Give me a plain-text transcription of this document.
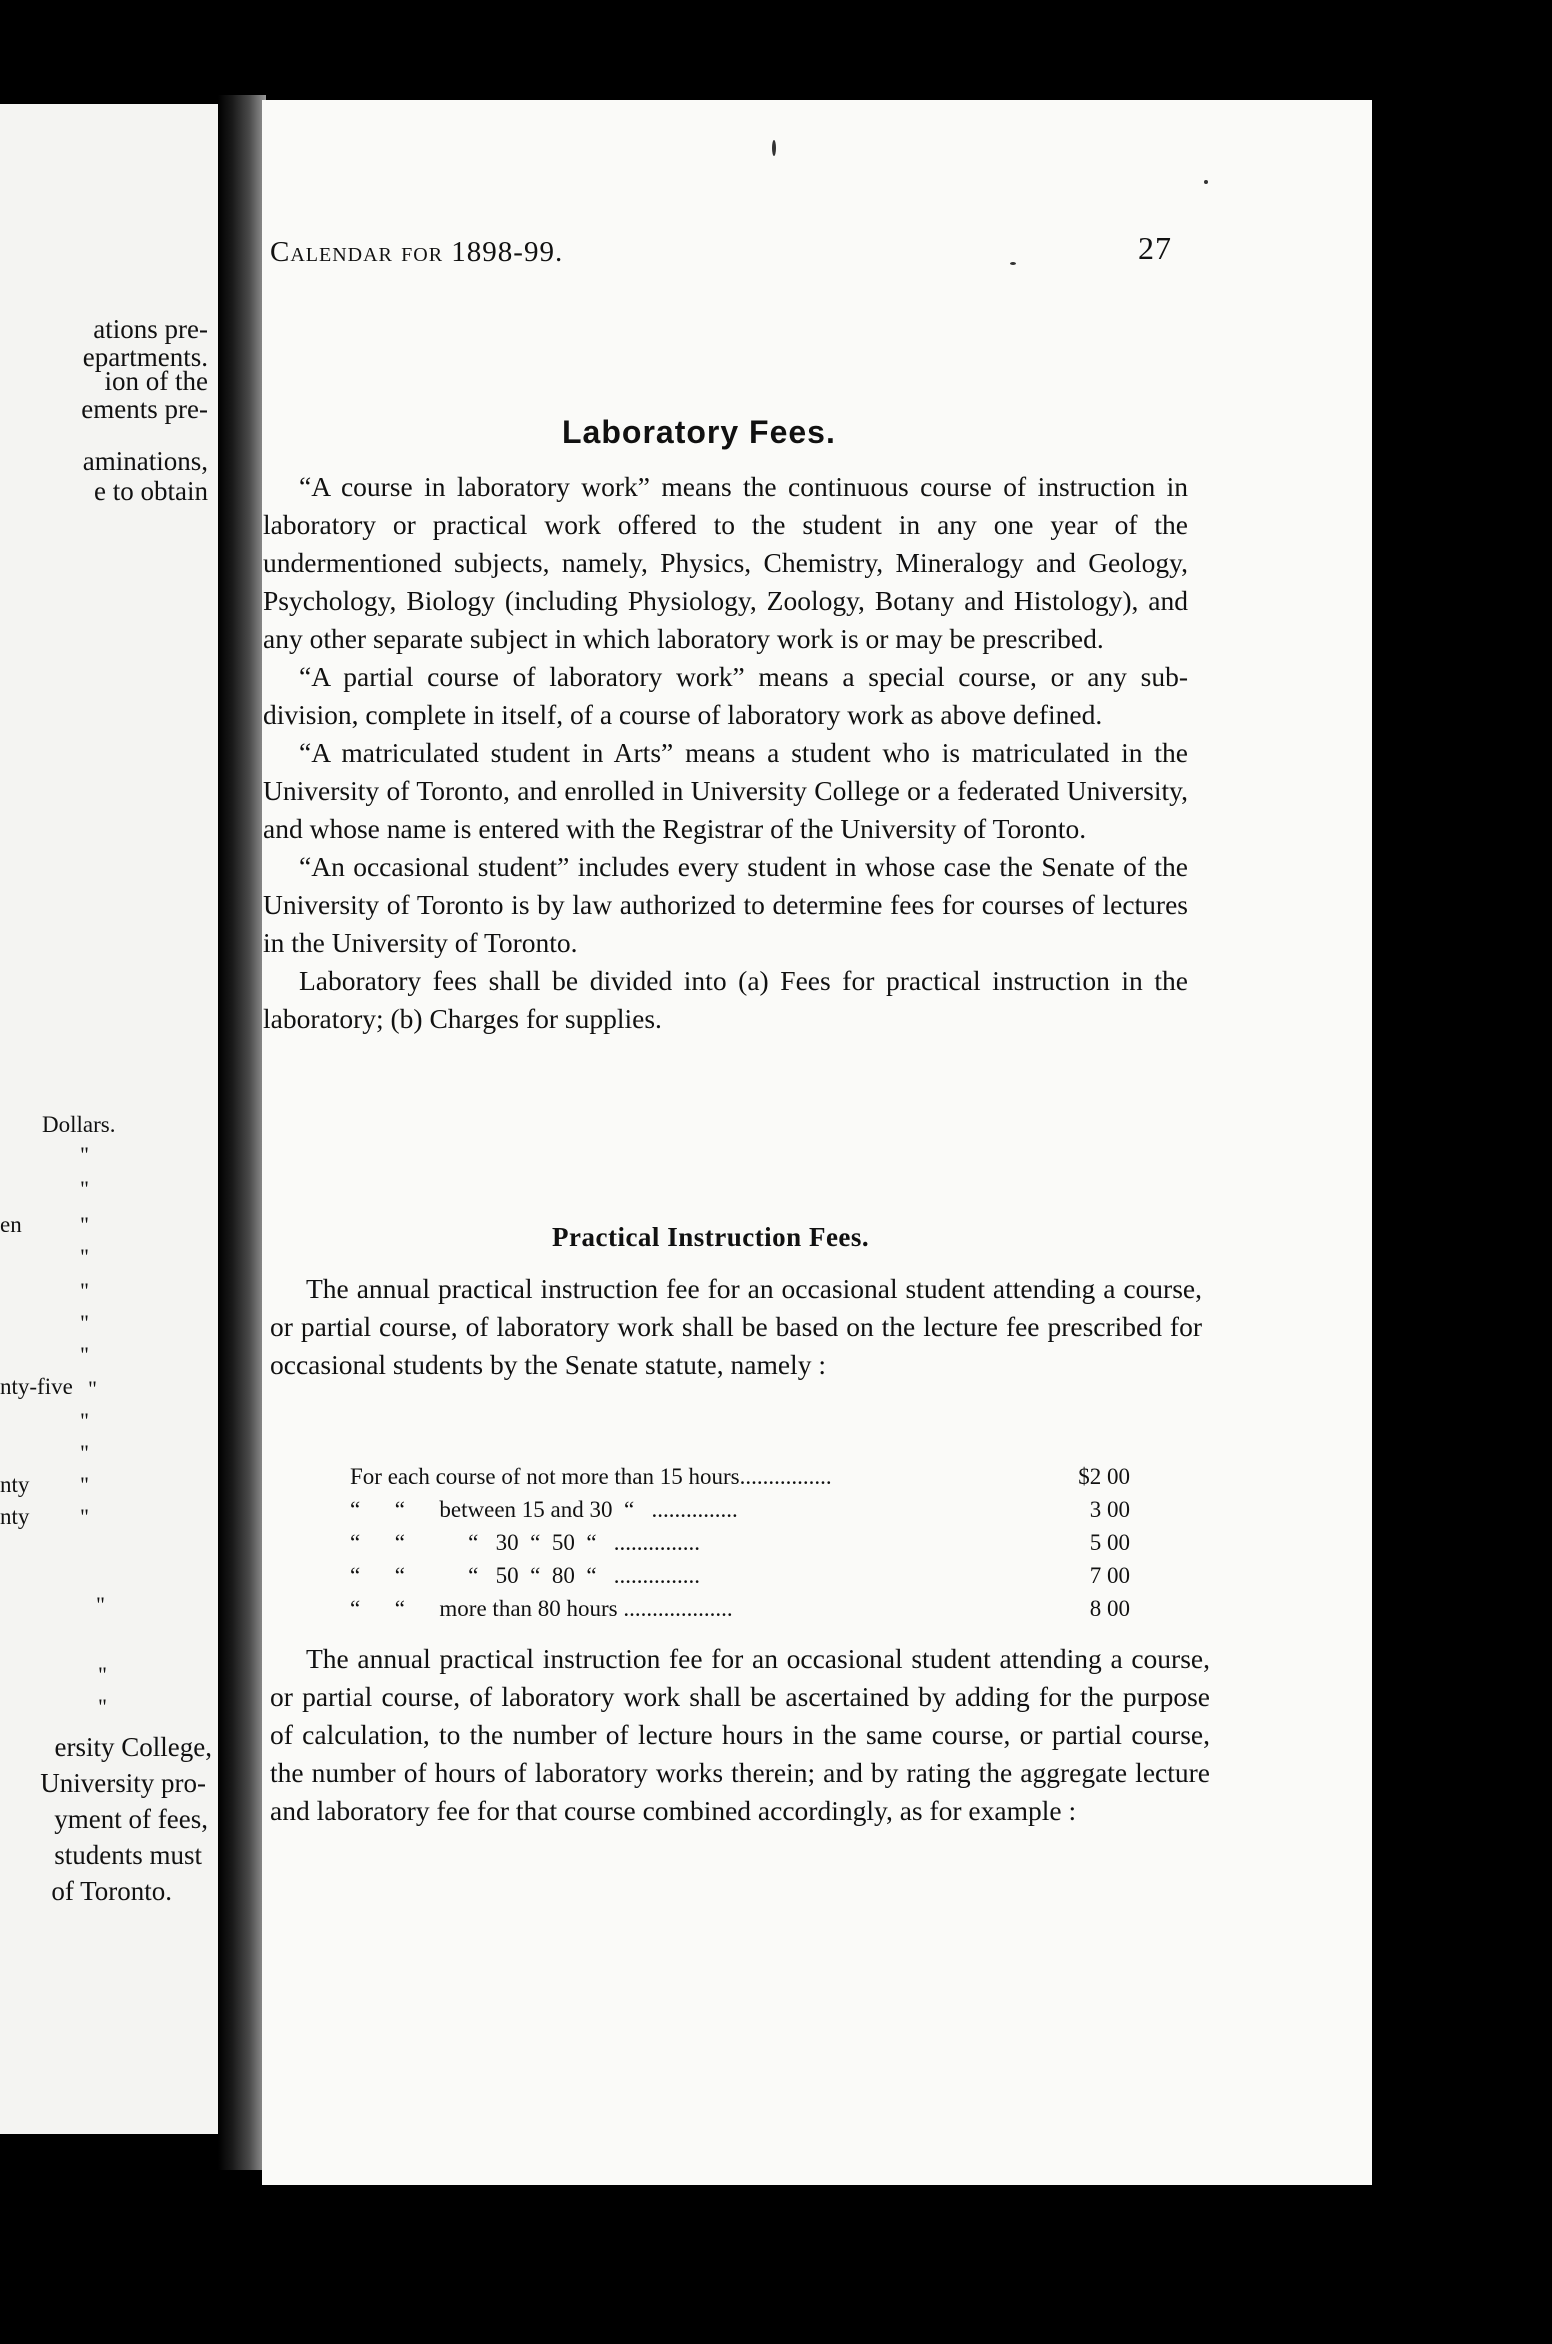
ations pre-
epartments.
ion of the
ements pre-
aminations,
e to obtain
Dollars.
"
"
en	"
"
"
"
"
nty-five "
"
"
nty "
nty "
"
"
"
ersity College,
University pro-
yment of fees,
students must
of Toronto.
Calendar for 1898-99.	27
Laboratory Fees.

“A course in laboratory work” means the continuous course of instruction in laboratory or practical work offered to the student in any one year of the undermentioned subjects, namely, Physics, Chemistry, Mineralogy and Geology, Psychology, Biology (including Physiology, Zoology, Botany and Histology), and any other separate subject in which laboratory work is or may be prescribed.

“A partial course of laboratory work” means a special course, or any sub-division, complete in itself, of a course of laboratory work as above defined.

“A matriculated student in Arts” means a student who is matriculated in the University of Toronto, and enrolled in University College or a federated University, and whose name is entered with the Registrar of the University of Toronto.

“An occasional student” includes every student in whose case the Senate of the University of Toronto is by law authorized to determine fees for courses of lectures in the University of Toronto.

Laboratory fees shall be divided into (a) Fees for practical instruction in the laboratory; (b) Charges for supplies.

Practical Instruction Fees.

The annual practical instruction fee for an occasional student attending a course, or partial course, of laboratory work shall be based on the lecture fee prescribed for occasional students by the Senate statute, namely :

For each course of not more than 15 hours................	$2 00
“      “      between 15 and 30  “   ...............	3 00
“      “           “   30  “  50  “   ...............	5 00
“      “           “   50  “  80  “   ...............	7 00
“      “      more than 80 hours ...................	8 00

The annual practical instruction fee for an occasional student attending a course, or partial course, of laboratory work shall be ascertained by adding for the purpose of calculation, to the number of lecture hours in the same course, or partial course, the number of hours of laboratory works therein; and by rating the aggregate lecture and laboratory fee for that course combined accordingly, as for example :
